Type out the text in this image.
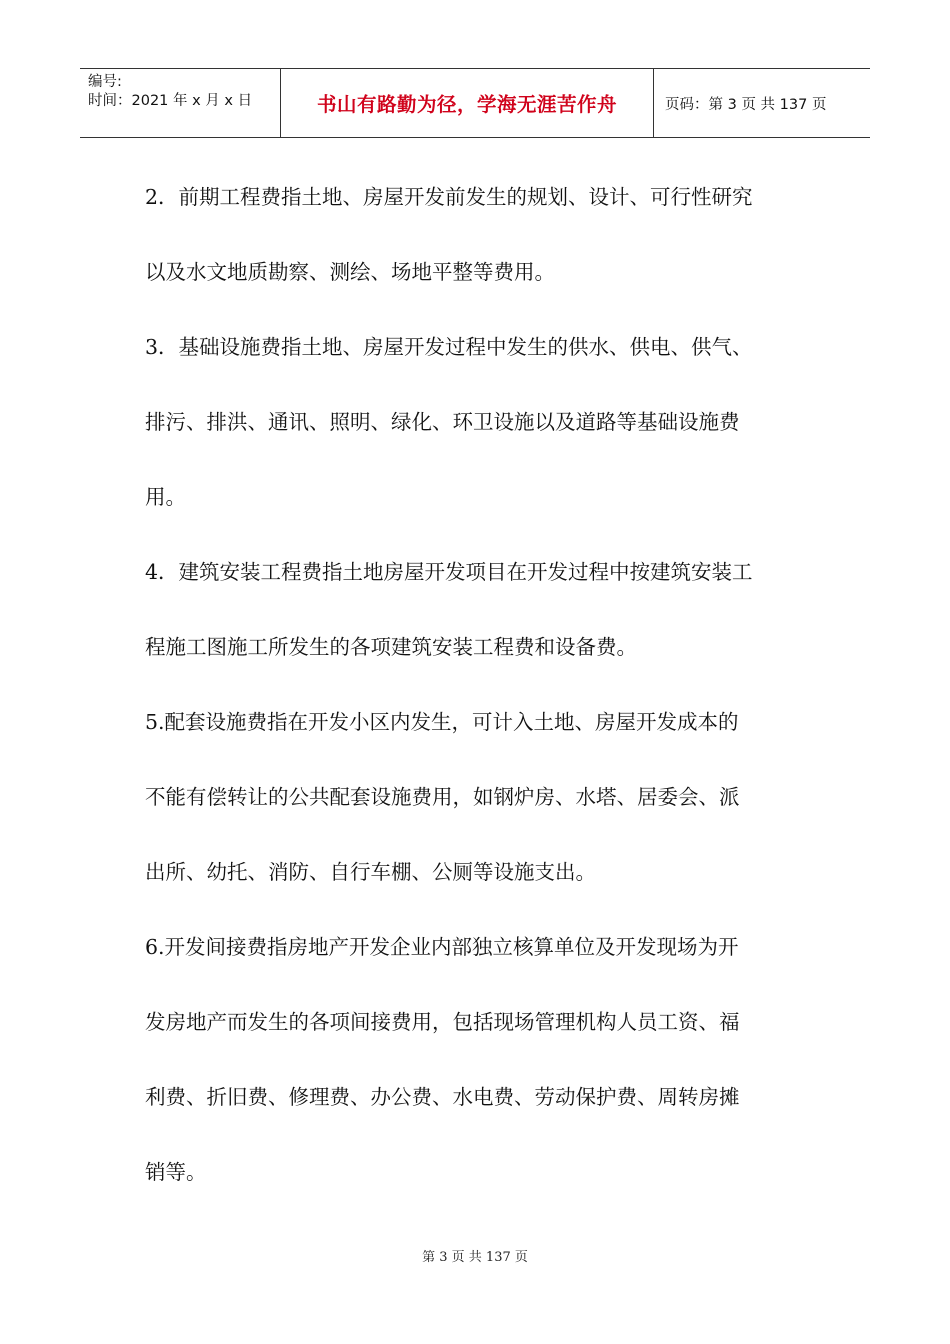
编号:
时间：2021 年 x 月 x 日	书山有路勤为径，学海无涯苦作舟	页码：第 3 页 共 137 页

2．前期工程费指土地、房屋开发前发生的规划、设计、可行性研究

以及水文地质勘察、测绘、场地平整等费用。

3．基础设施费指土地、房屋开发过程中发生的供水、供电、供气、

排污、排洪、通讯、照明、绿化、环卫设施以及道路等基础设施费

用。

4．建筑安装工程费指土地房屋开发项目在开发过程中按建筑安装工

程施工图施工所发生的各项建筑安装工程费和设备费。

5.配套设施费指在开发小区内发生，可计入土地、房屋开发成本的

不能有偿转让的公共配套设施费用，如钢炉房、水塔、居委会、派

出所、幼托、消防、自行车棚、公厕等设施支出。

6.开发间接费指房地产开发企业内部独立核算单位及开发现场为开

发房地产而发生的各项间接费用，包括现场管理机构人员工资、福

利费、折旧费、修理费、办公费、水电费、劳动保护费、周转房摊

销等。

第 3 页 共 137 页
